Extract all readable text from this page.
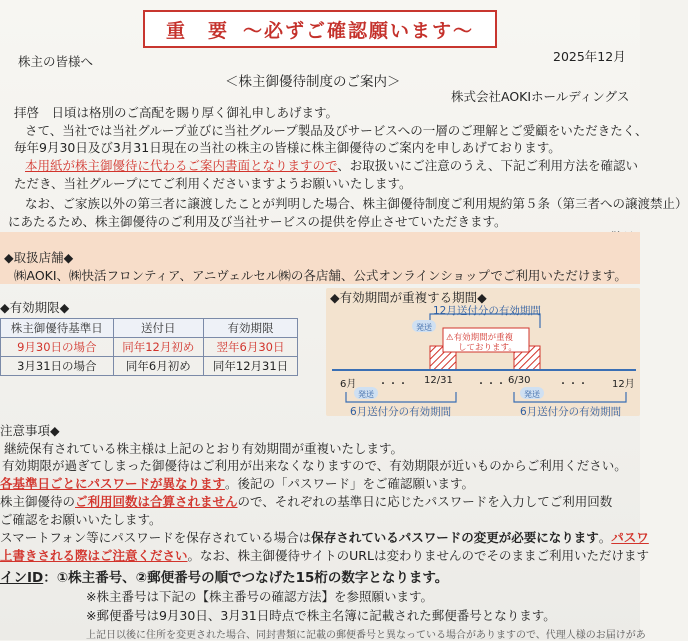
重　要 〜必ずご確認願います〜
株主の皆様へ	2025年12月
＜株主御優待制度のご案内＞
株式会社AOKIホールディングス
拝啓　日頃は格別のご高配を賜り厚く御礼申しあげます。
さて、当社では当社グループ並びに当社グループ製品及びサービスへの一層のご理解とご愛顧をいただきたく、
毎年9月30日及び3月31日現在の当社の株主の皆様に株主御優待のご案内を申しあげております。
本用紙が株主御優待に代わるご案内書面となりますので、お取扱いにご注意のうえ、下記ご利用方法を確認い
ただき、当社グループにてご利用くださいますようお願いいたします。
なお、ご家族以外の第三者に譲渡したことが判明した場合、株主御優待制度ご利用規約第５条（第三者への譲渡禁止）
にあたるため、株主御優待のご利用及び当社サービスの提供を停止させていただきます。
◆取扱店舗◆
㈱AOKI、㈱快活フロンティア、アニヴェルセル㈱の各店舗、公式オンラインショップでご利用いただけます。
◆有効期限◆
株主御優待基準日	送付日	有効期限
9月30日の場合	同年12月初め	翌年6月30日
3月31日の場合	同年6月初め	同年12月31日
◆有効期間が重複する期間◆
12月送付分の有効期間
発送
⚠有効期間が重複
しております。
6月 ・・・ 12/31 ・・・ 6/30	・・・ 12月
発送	発送
6月送付分の有効期間	6月送付分の有効期間
注意事項◆
継続保有されている株主様は上記のとおり有効期間が重複いたします。
有効期限が過ぎてしまった御優待はご利用が出来なくなりますので、有効期限が近いものからご利用ください。
各基準日ごとにパスワードが異なります。後記の「パスワード」をご確認願います。
株主御優待のご利用回数は合算されませんので、それぞれの基準日に応じたパスワードを入力してご利用回数
ご確認をお願いいたします。
スマートフォン等にパスワードを保存されている場合は保存されているパスワードの変更が必要になります。パスワ
上書きされる際はご注意ください。なお、株主御優待サイトのURLは変わりませんのでそのままご利用いただけます
インID：①株主番号、②郵便番号の順でつなげた15桁の数字となります。
※株主番号は下記の【株主番号の確認方法】を参照願います。
※郵便番号は9月30日、3月31日時点で株主名簿に記載された郵便番号となります。
上記日以後に住所を変更された場合、同封書類に記載の郵便番号と異なっている場合がありますので、代理人様のお届けがあ
